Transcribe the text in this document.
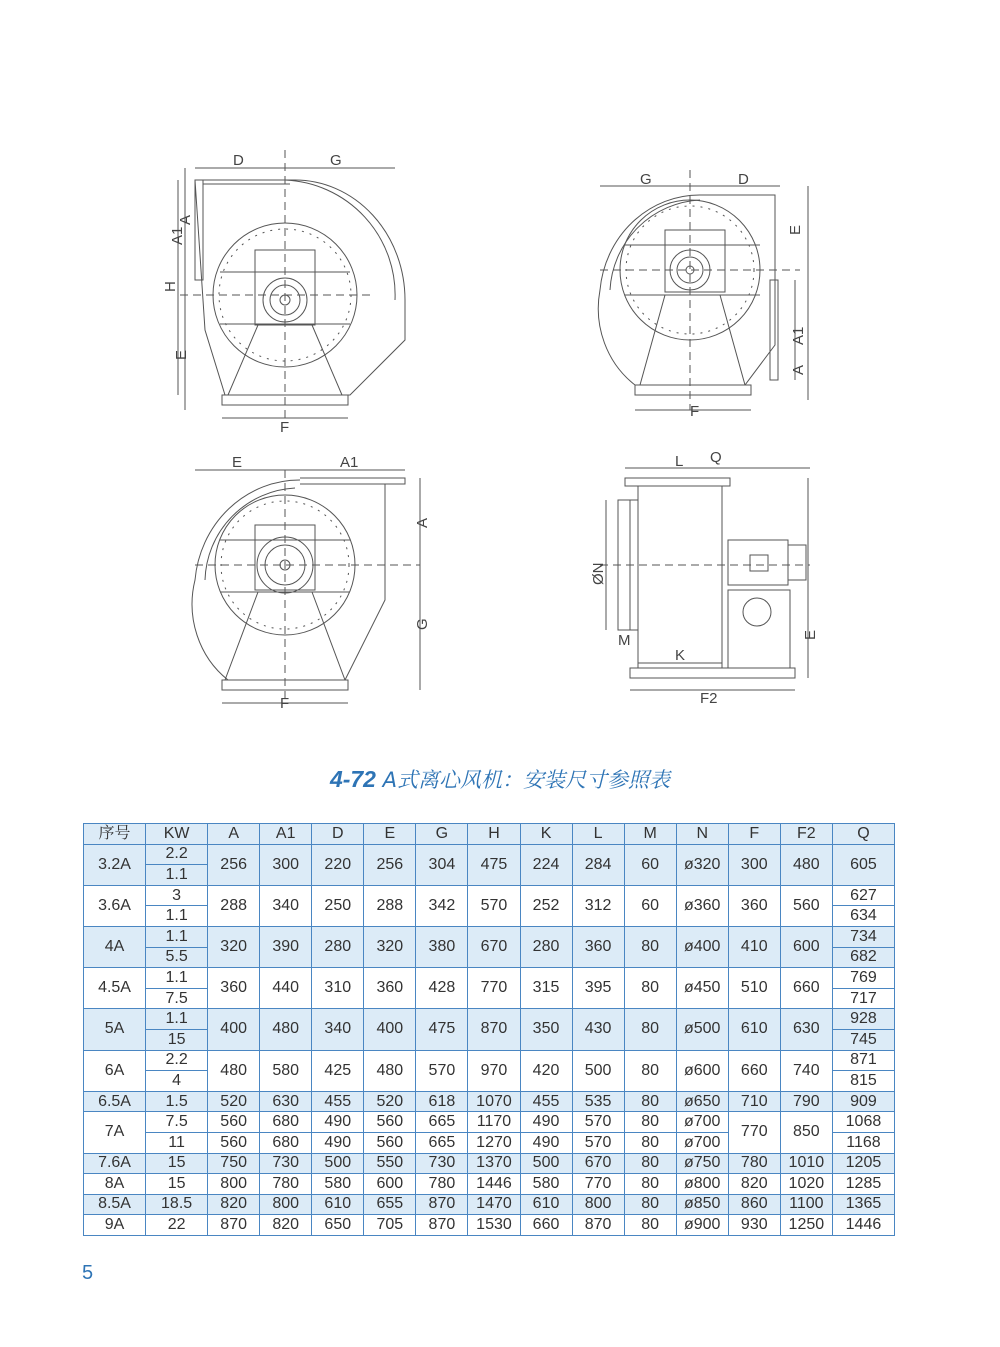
D	G
A
A1
H
E
F
G	D
E
A1
A
F
E	A1
A
G
F
L Q
ØN
M
K
E
F2
4-72 A式离心风机：安装尺寸参照表
序号	KW	A	A1	D	E	G	H	K	L	M	N	F	F2	Q
3.2A	2.2	256	300	220	256	304	475	224	284	60	ø320	300	480	605
	1.1													
3.6A	3	288	340	250	288	342	570	252	312	60	ø360	360	560	627
	1.1													634
4A	1.1	320	390	280	320	380	670	280	360	80	ø400	410	600	734
	5.5													682
4.5A	1.1	360	440	310	360	428	770	315	395	80	ø450	510	660	769
	7.5													717
5A	1.1	400	480	340	400	475	870	350	430	80	ø500	610	630	928
	15													745
6A	2.2	480	580	425	480	570	970	420	500	80	ø600	660	740	871
	4													815
6.5A	1.5	520	630	455	520	618	1070	455	535	80	ø650	710	790	909
7A	7.5	560	680	490	560	665	1170	490	570	80	ø700	770	850	1068
	11	560	680	490	560	665	1270	490	570	80	ø700			1168
7.6A	15	750	730	500	550	730	1370	500	670	80	ø750	780	1010	1205
8A	15	800	780	580	600	780	1446	580	770	80	ø800	820	1020	1285
8.5A	18.5	820	800	610	655	870	1470	610	800	80	ø850	860	1100	1365
9A	22	870	820	650	705	870	1530	660	870	80	ø900	930	1250	1446
5
